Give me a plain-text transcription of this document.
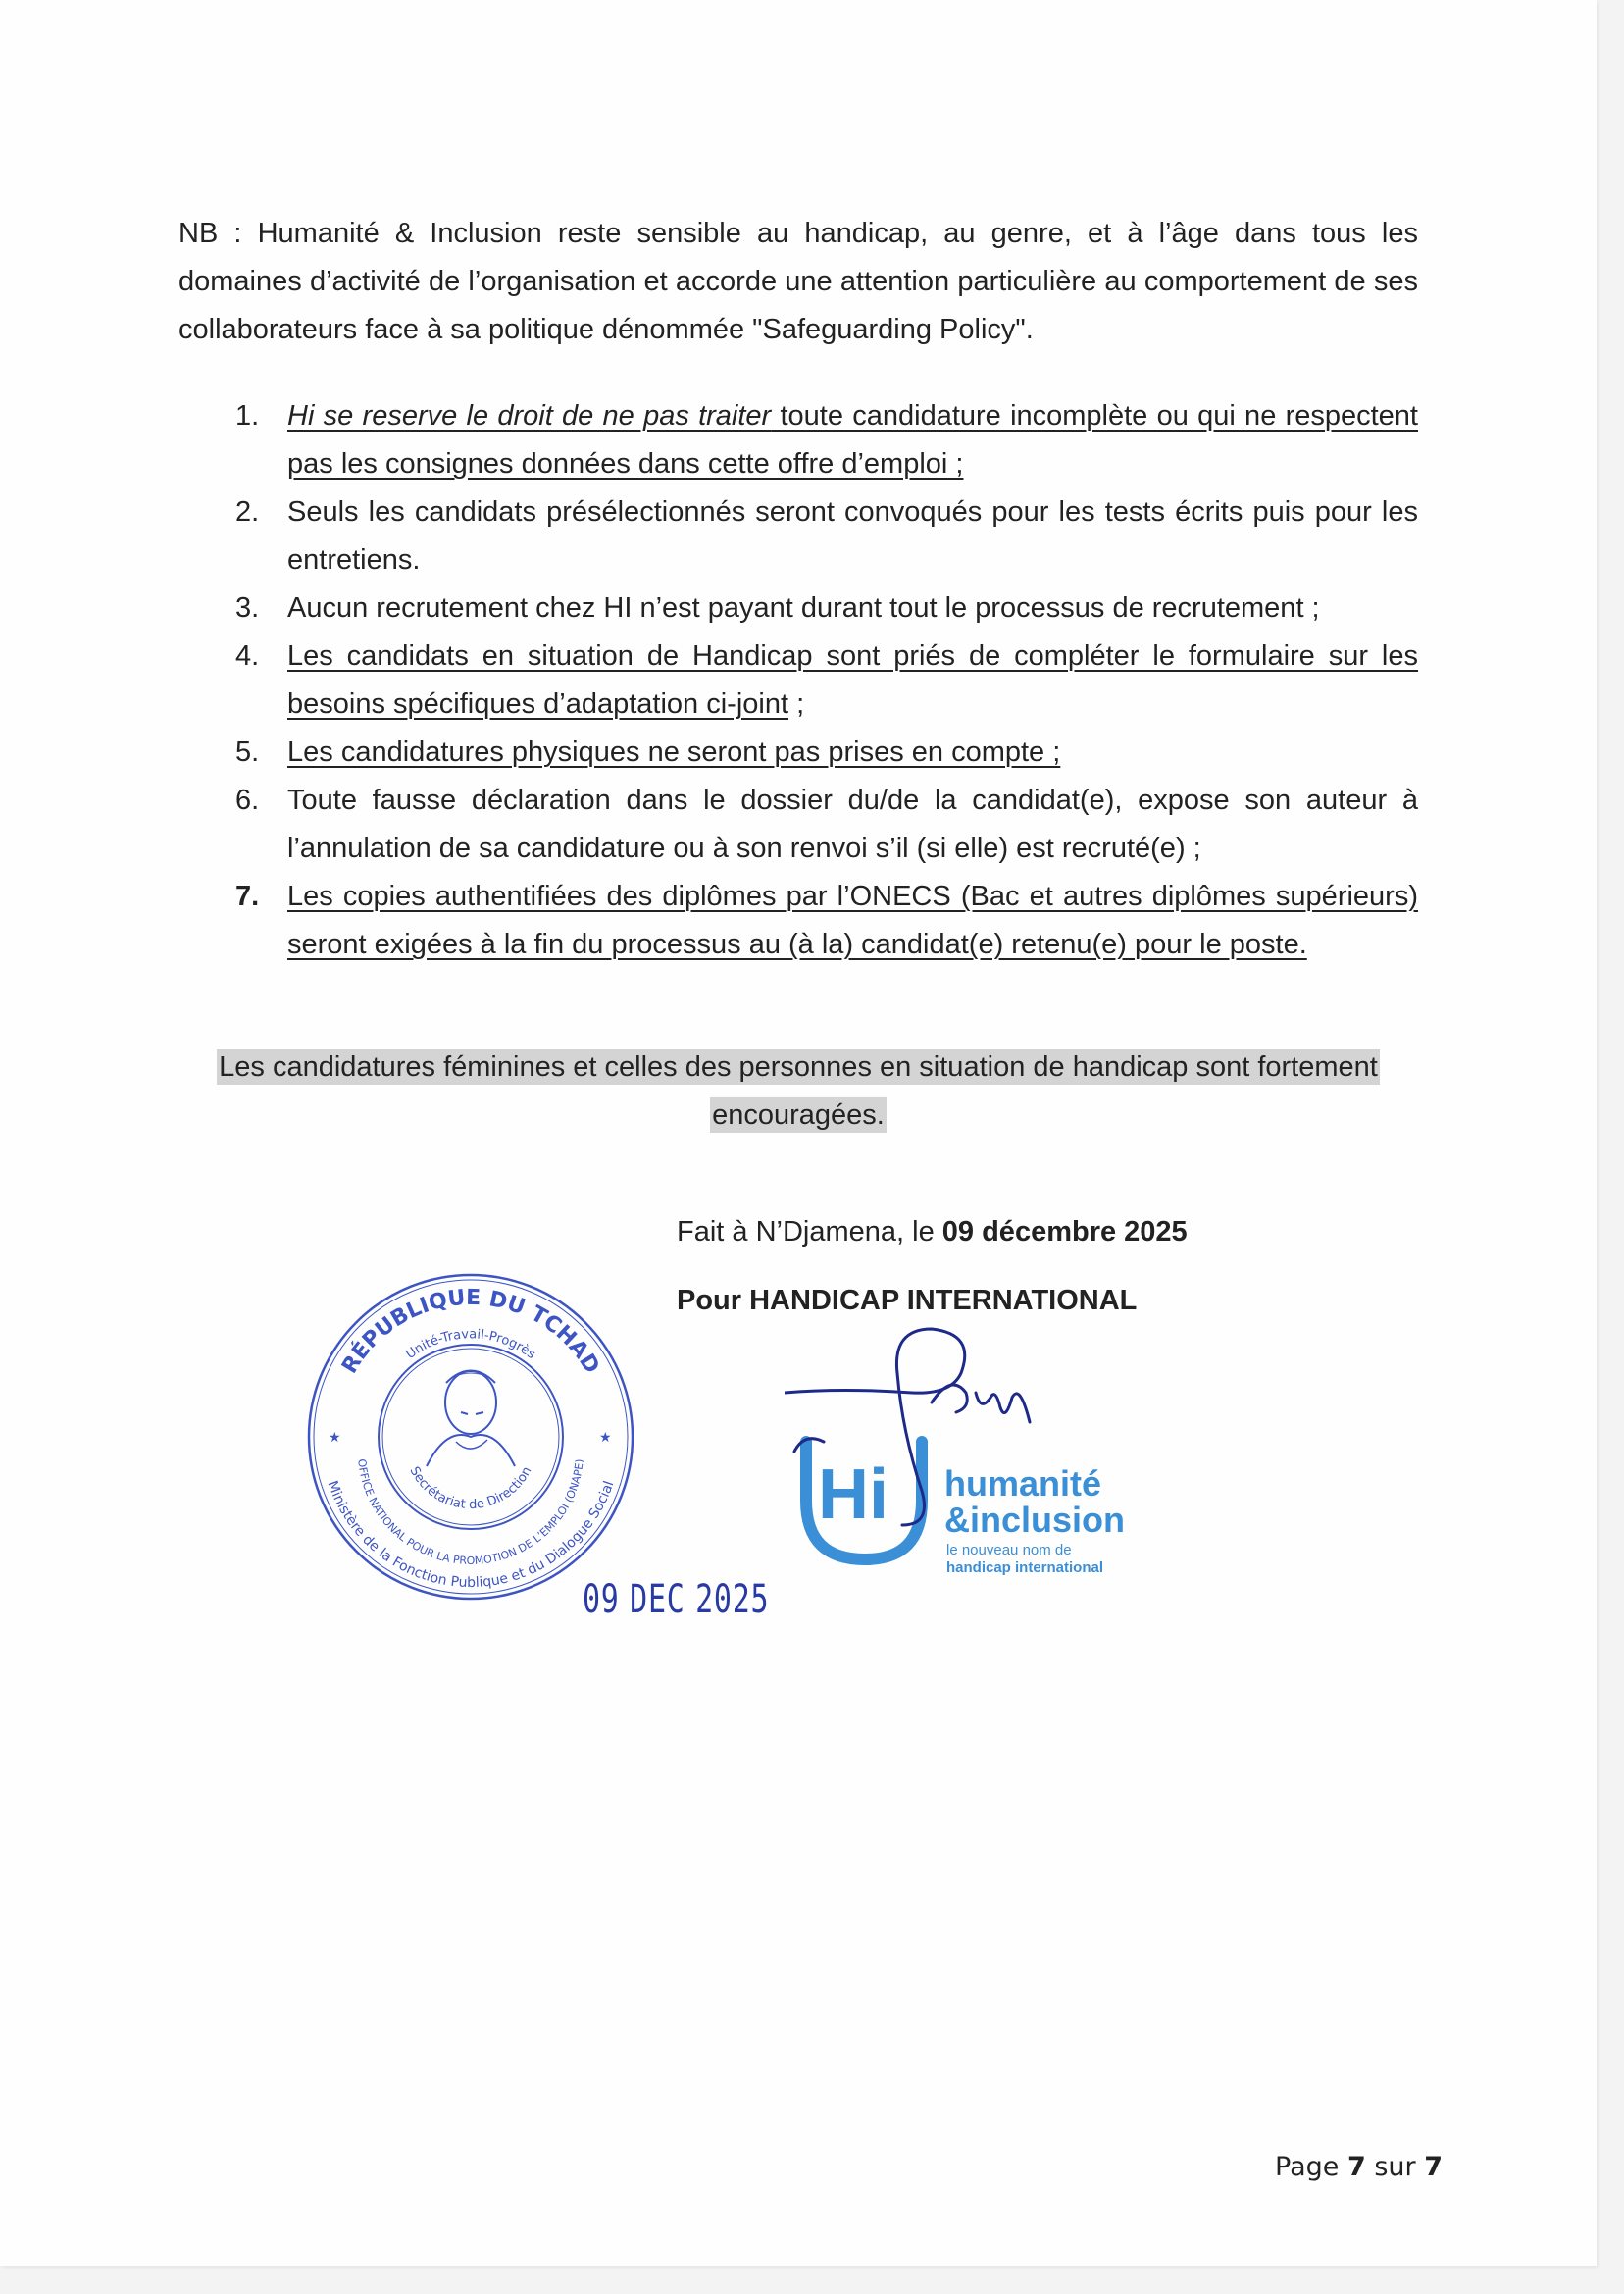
NB : Humanité & Inclusion reste sensible au handicap, au genre, et à l’âge dans tous les domaines d’activité de l’organisation et accorde une attention particulière au comportement de ses collaborateurs face à sa politique dénommée "Safeguarding Policy".

1. Hi se reserve le droit de ne pas traiter toute candidature incomplète ou qui ne respectent pas les consignes données dans cette offre d’emploi ;
2. Seuls les candidats présélectionnés seront convoqués pour les tests écrits puis pour les entretiens.
3. Aucun recrutement chez HI n’est payant durant tout le processus de recrutement ;
4. Les candidats en situation de Handicap sont priés de compléter le formulaire sur les besoins spécifiques d’adaptation ci-joint ;
5. Les candidatures physiques ne seront pas prises en compte ;
6. Toute fausse déclaration dans le dossier du/de la candidat(e), expose son auteur à l’annulation de sa candidature ou à son renvoi s’il (si elle) est recruté(e) ;
7. Les copies authentifiées des diplômes par l’ONECS (Bac et autres diplômes supérieurs) seront exigées à la fin du processus au (à la) candidat(e) retenu(e) pour le poste.
Les candidatures féminines et celles des personnes en situation de handicap sont fortement
encouragées.
Fait à N’Djamena, le 09 décembre 2025
Pour HANDICAP INTERNATIONAL
RÉPUBLIQUE DU TCHAD
Unité-Travail-Progrès
Ministère de la Fonction Publique et du Dialogue Social
OFFICE NATIONAL POUR LA PROMOTION DE L’EMPLOI (ONAPE)
Secrétariat de Direction
★	★
09 DEC 2025
Hi humanité
&inclusion
le nouveau nom de
handicap international
Page 7 sur 7
